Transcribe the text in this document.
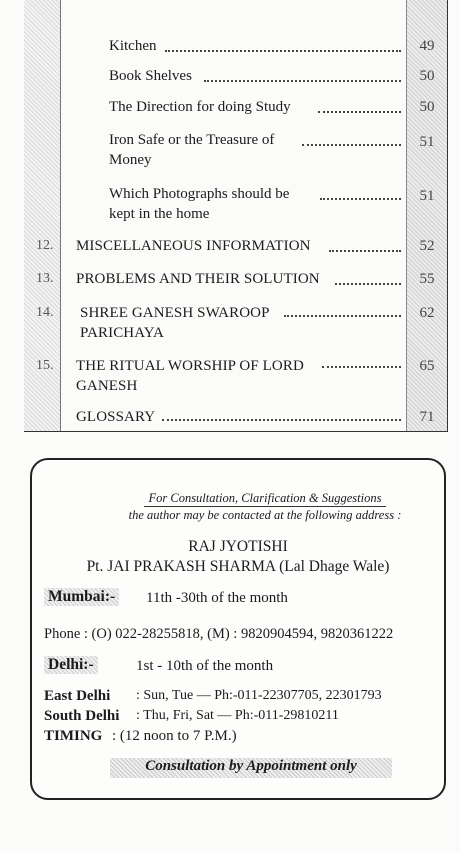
Kitchen	49
Book Shelves	50
The Direction for doing Study	50
Iron Safe or the Treasure of	51
Money
Which Photographs should be	51
kept in the home
12.	MISCELLANEOUS INFORMATION	52
13.	PROBLEMS AND THEIR SOLUTION	55
14.	SHREE GANESH SWAROOP	62
PARICHAYA
15.	THE RITUAL WORSHIP OF LORD	65
GANESH
GLOSSARY	71
For Consultation, Clarification & Suggestions
the author may be contacted at the following address :
RAJ JYOTISHI
Pt. JAI PRAKASH SHARMA (Lal Dhage Wale)
Mumbai:- 11th -30th of the month
Phone : (O) 022-28255818, (M) : 9820904594, 9820361222
Delhi:-	1st - 10th of the month
East Delhi : Sun, Tue — Ph:-011-22307705, 22301793
South Delhi : Thu, Fri, Sat — Ph:-011-29810211
TIMING : (12 noon to 7 P.M.)
Consultation by Appointment only
